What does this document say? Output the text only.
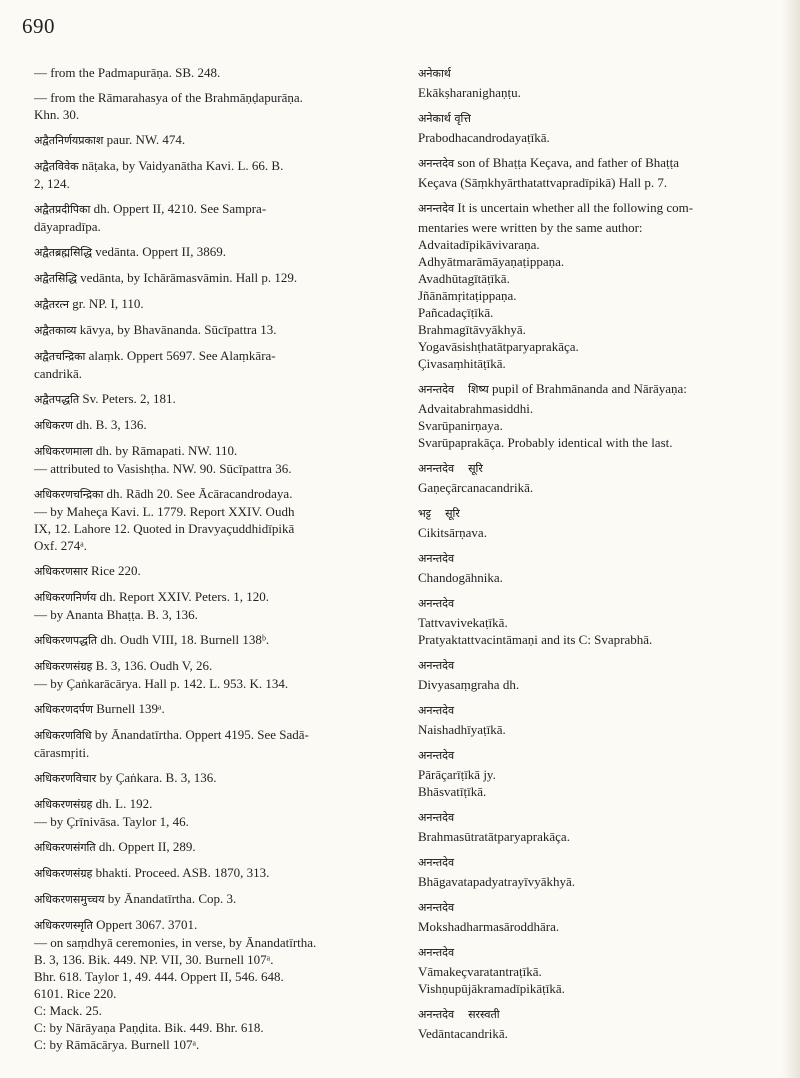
690
— from the Padmapurāṇa. SB. 248.
— from the Rāmarahasya of the Brahmāṇḍapurāṇa.
Khn. 30.
अद्वैतनिर्णयप्रकाश paur. NW. 474.
अद्वैतविवेक nāṭaka, by Vaidyanātha Kavi. L. 66. B.
2, 124.
अद्वैतप्रदीपिका dh. Oppert II, 4210. See Sampra-
dāyapradīpa.
अद्वैतब्रह्मसिद्धि vedānta. Oppert II, 3869.
अद्वैतसिद्धि vedānta, by Ichārāmasvāmin. Hall p. 129.
अद्वैतरत्न gr. NP. I, 110.
अद्वैतकाव्य kāvya, by Bhavānanda. Sūcīpattra 13.
अद्वैतचन्द्रिका alaṃk. Oppert 5697. See Alaṃkāra-
candrikā.
अद्वैतपद्धति Sv. Peters. 2, 181.
अधिकरण dh. B. 3, 136.
अधिकरणमाला dh. by Rāmapati. NW. 110.
— attributed to Vasishṭha. NW. 90. Sūcīpattra 36.
अधिकरणचन्द्रिका dh. Rādh 20. See Ācāracandrodaya.
— by Maheça Kavi. L. 1779. Report XXIV. Oudh
IX, 12. Lahore 12. Quoted in Dravyaçuddhidīpikā
Oxf. 274ᵃ.
अधिकरणसार Rice 220.
अधिकरणनिर्णय dh. Report XXIV. Peters. 1, 120.
— by Ananta Bhaṭṭa. B. 3, 136.
अधिकरणपद्धति dh. Oudh VIII, 18. Burnell 138ᵇ.
अधिकरणसंग्रह B. 3, 136. Oudh V, 26.
— by Çaṅkarācārya. Hall p. 142. L. 953. K. 134.
अधिकरणदर्पण Burnell 139ᵃ.
अधिकरणविधि by Ānandatīrtha. Oppert 4195. See Sadā-
cārasmṛiti.
अधिकरणविचार by Çaṅkara. B. 3, 136.
अधिकरणसंग्रह dh. L. 192.
— by Çrīnivāsa. Taylor 1, 46.
अधिकरणसंगति dh. Oppert II, 289.
अधिकरणसंग्रह bhakti. Proceed. ASB. 1870, 313.
अधिकरणसमुच्चय by Ānandatīrtha. Cop. 3.
अधिकरणस्मृति Oppert 3067. 3701.
— on saṃdhyā ceremonies, in verse, by Ānandatīrtha.
B. 3, 136. Bik. 449. NP. VII, 30. Burnell 107ᵃ.
Bhr. 618. Taylor 1, 49. 444. Oppert II, 546. 648.
6101. Rice 220.
C: Mack. 25.
C: by Nārāyaṇa Paṇḍita. Bik. 449. Bhr. 618.
C: by Rāmācārya. Burnell 107ᵃ.
अनेकार्थ
Ekākṣharanighaṇṭu.
अनेकार्थ वृत्ति
Prabodhacandrodayaṭīkā.
अनन्तदेव son of Bhaṭṭa Keçava, and father of Bhaṭṭa
Keçava (Sāṃkhyārthatattvapradīpikā) Hall p. 7.
अनन्तदेव It is uncertain whether all the following com-
mentaries were written by the same author:
Advaitadīpikāvivaraṇa.
Adhyātmarāmāyaṇaṭippaṇa.
Avadhūtagītāṭīkā.
Jñānāmṛitaṭippaṇa.
Pañcadaçīṭīkā.
Brahmagītāvyākhyā.
Yogavāsishṭhatātparyaprakāça.
Çivasaṃhitāṭīkā.
अनन्तदेव शिष्य pupil of Brahmānanda and Nārāyaṇa:
Advaitabrahmasiddhi.
Svarūpanirṇaya.
Svarūpaprakāça. Probably identical with the last.
अनन्तदेव सूरि
Gaṇeçārcanacandrikā.
भट्ट सूरि
Cikitsārṇava.
अनन्तदेव
Chandogāhnika.
अनन्तदेव
Tattvavivekaṭīkā.
Pratyaktattvacintāmaṇi and its C: Svaprabhā.
अनन्तदेव
Divyasaṃgraha dh.
अनन्तदेव
Naishadhīyaṭīkā.
अनन्तदेव
Pārāçarīṭīkā jy.
Bhāsvatīṭīkā.
अनन्तदेव
Brahmasūtratātparyaprakāça.
अनन्तदेव
Bhāgavatapadyatrayīvyākhyā.
अनन्तदेव
Mokshadharmasāroddhāra.
अनन्तदेव
Vāmakeçvaratantraṭīkā.
Vishṇupūjākramadīpikāṭīkā.
अनन्तदेव सरस्वती
Vedāntacandrikā.
